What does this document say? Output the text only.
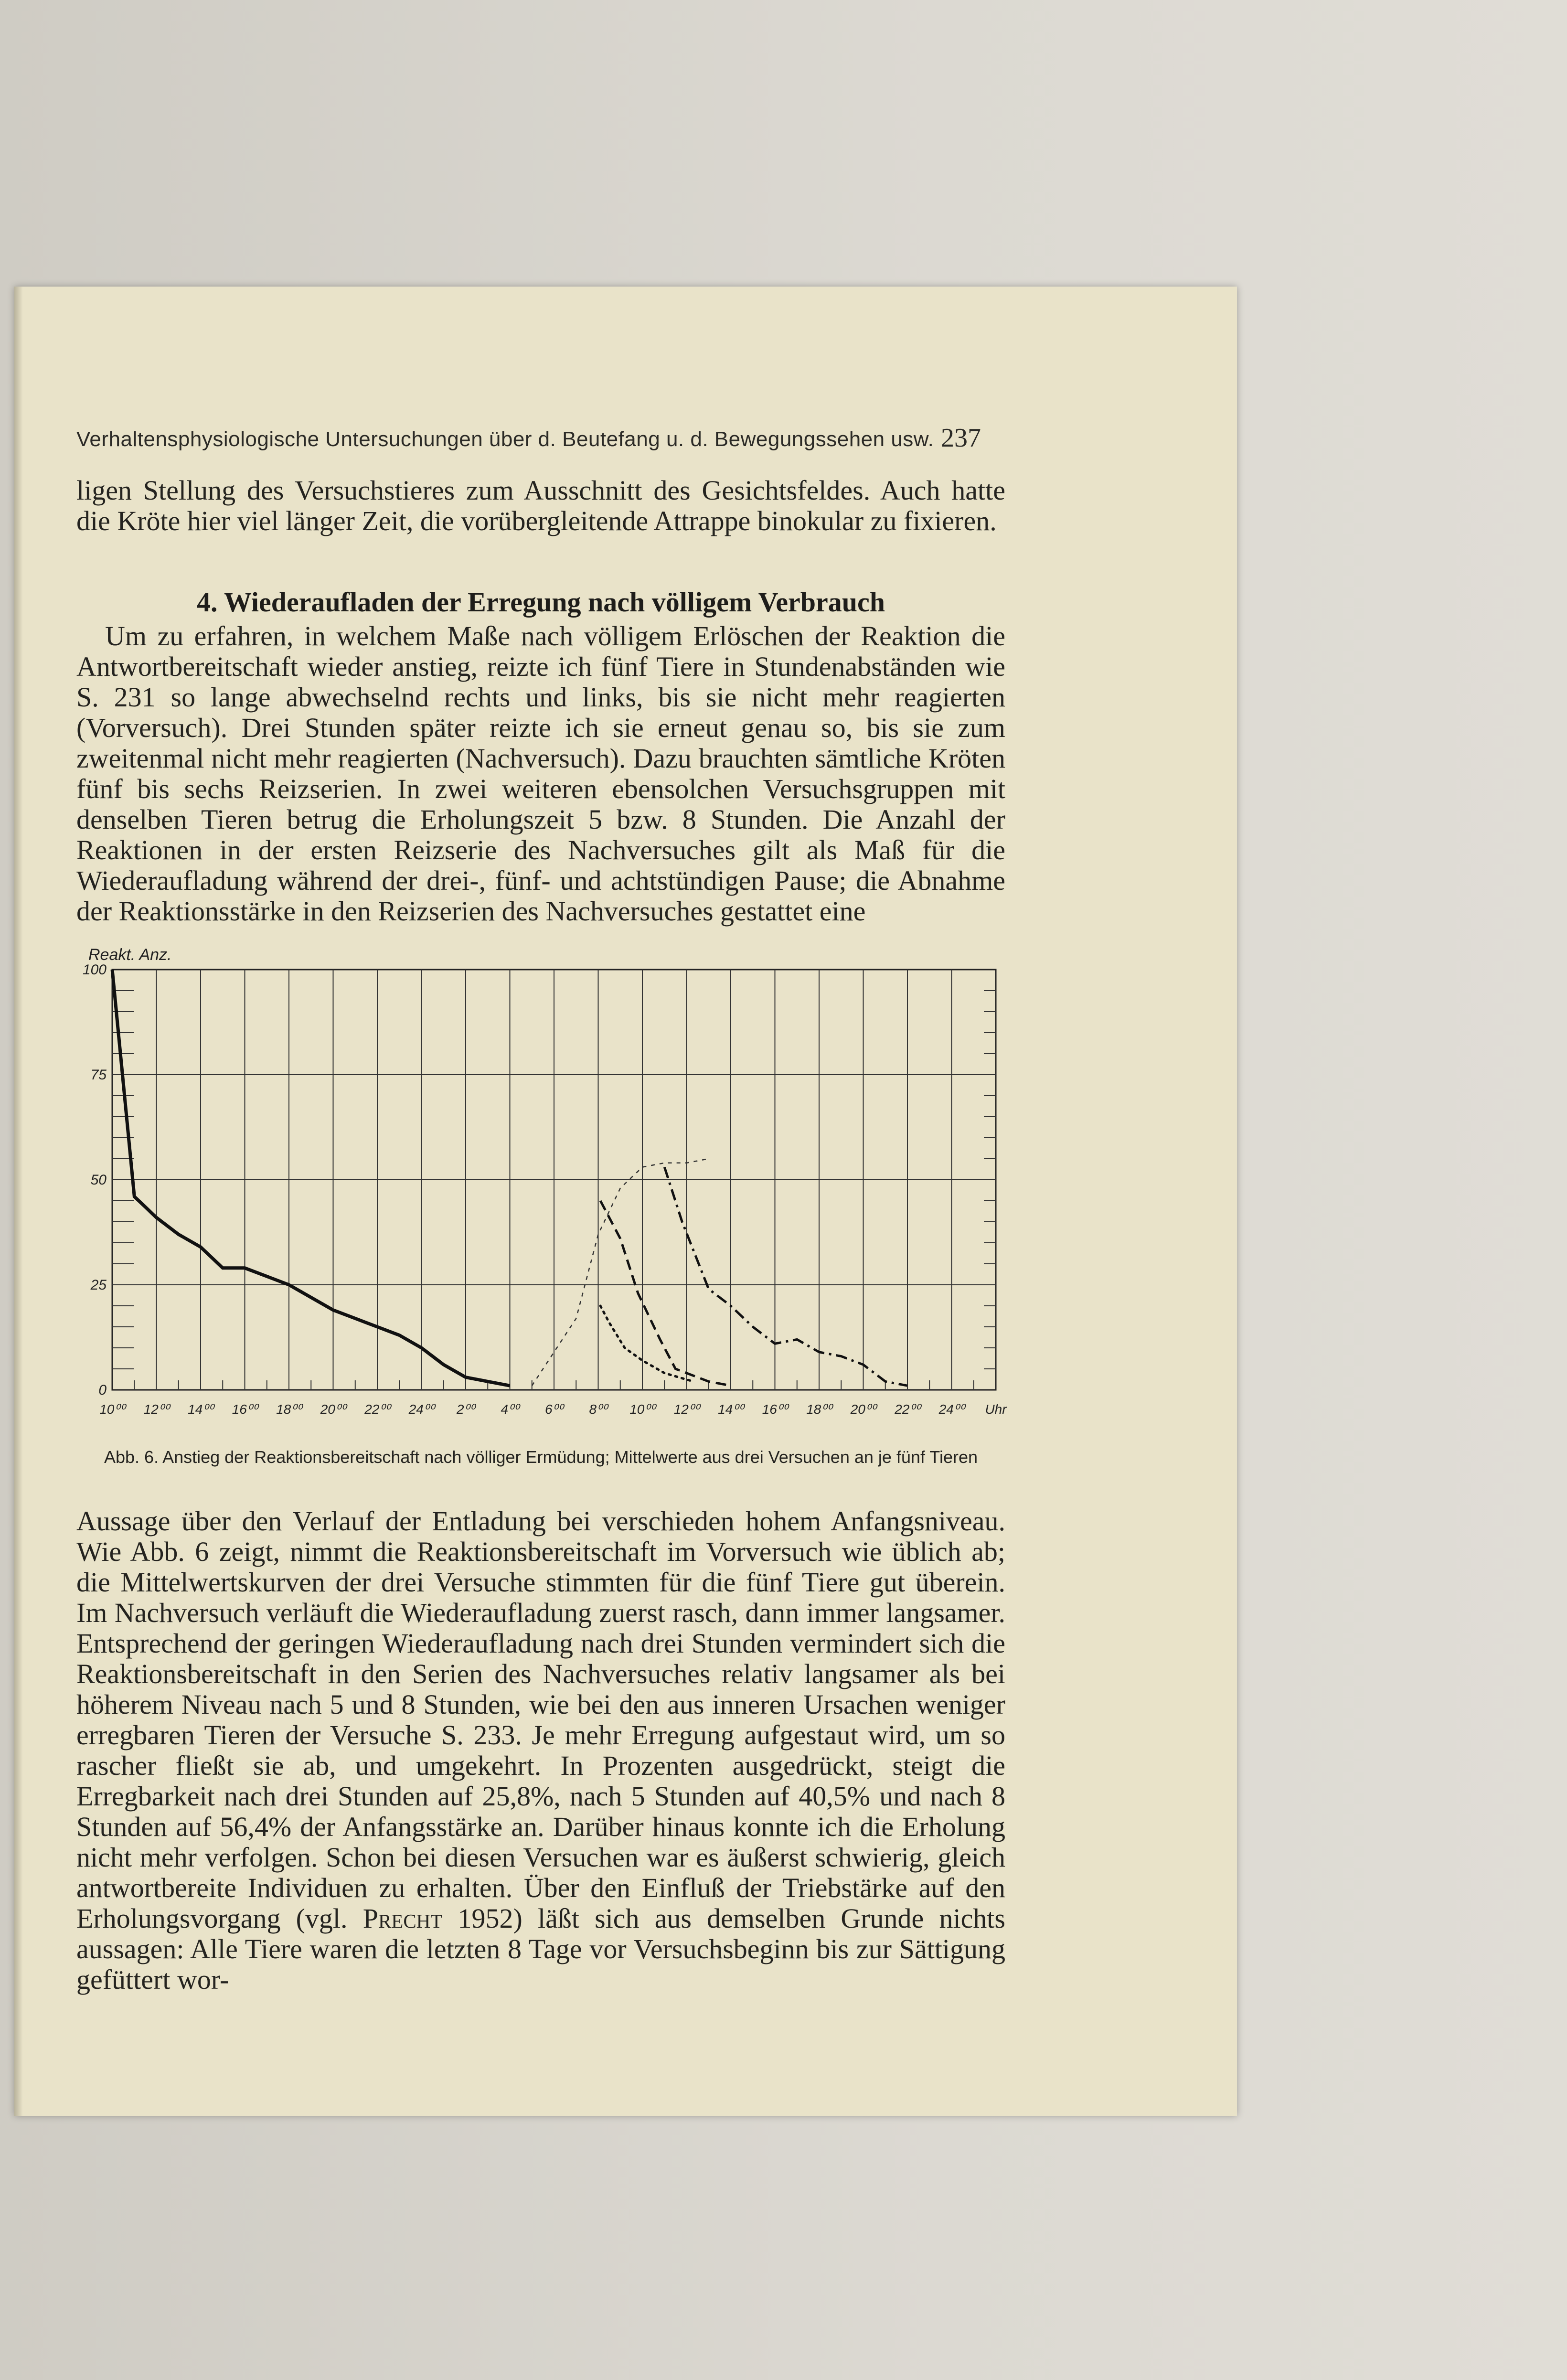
Verhaltensphysiologische Untersuchungen über d. Beutefang u. d. Bewegungssehen usw. 237
ligen Stellung des Versuchstieres zum Ausschnitt des Gesichtsfeldes. Auch hatte die Kröte hier viel länger Zeit, die vorübergleitende Attrappe binokular zu fixieren.
4. Wiederaufladen der Erregung nach völligem Verbrauch
Um zu erfahren, in welchem Maße nach völligem Erlöschen der Reaktion die Antwortbereitschaft wieder anstieg, reizte ich fünf Tiere in Stundenabständen wie S. 231 so lange abwechselnd rechts und links, bis sie nicht mehr reagierten (Vorversuch). Drei Stunden später reizte ich sie erneut genau so, bis sie zum zweitenmal nicht mehr reagierten (Nachversuch). Dazu brauchten sämtliche Kröten fünf bis sechs Reizserien. In zwei weiteren ebensolchen Versuchsgruppen mit denselben Tieren betrug die Erholungszeit 5 bzw. 8 Stunden. Die Anzahl der Reaktionen in der ersten Reizserie des Nachversuches gilt als Maß für die Wiederaufladung während der drei-, fünf- und achtstündigen Pause; die Abnahme der Reaktionsstärke in den Reizserien des Nachversuches gestattet eine
0
25
50
75
100
Reakt. Anz.
10⁰⁰ 12⁰⁰ 14⁰⁰ 16⁰⁰ 18⁰⁰ 20⁰⁰ 22⁰⁰ 24⁰⁰ 2⁰⁰ 4⁰⁰ 6⁰⁰ 8⁰⁰ 10⁰⁰ 12⁰⁰ 14⁰⁰ 16⁰⁰ 18⁰⁰ 20⁰⁰ 22⁰⁰ 24⁰⁰ Uhr
Abb. 6. Anstieg der Reaktionsbereitschaft nach völliger Ermüdung; Mittelwerte aus drei Versuchen an je fünf Tieren
Aussage über den Verlauf der Entladung bei verschieden hohem Anfangsniveau. Wie Abb. 6 zeigt, nimmt die Reaktionsbereitschaft im Vorversuch wie üblich ab; die Mittelwertskurven der drei Versuche stimmten für die fünf Tiere gut überein. Im Nachversuch verläuft die Wiederaufladung zuerst rasch, dann immer langsamer. Entsprechend der geringen Wiederaufladung nach drei Stunden vermindert sich die Reaktionsbereitschaft in den Serien des Nachversuches relativ langsamer als bei höherem Niveau nach 5 und 8 Stunden, wie bei den aus inneren Ursachen weniger erregbaren Tieren der Versuche S. 233. Je mehr Erregung aufgestaut wird, um so rascher fließt sie ab, und umgekehrt. In Prozenten ausgedrückt, steigt die Erregbarkeit nach drei Stunden auf 25,8%, nach 5 Stunden auf 40,5% und nach 8 Stunden auf 56,4% der Anfangsstärke an. Darüber hinaus konnte ich die Erholung nicht mehr verfolgen. Schon bei diesen Versuchen war es äußerst schwierig, gleich antwortbereite Individuen zu erhalten. Über den Einfluß der Triebstärke auf den Erholungsvorgang (vgl. Precht 1952) läßt sich aus demselben Grunde nichts aussagen: Alle Tiere waren die letzten 8 Tage vor Versuchsbeginn bis zur Sättigung gefüttert wor-
